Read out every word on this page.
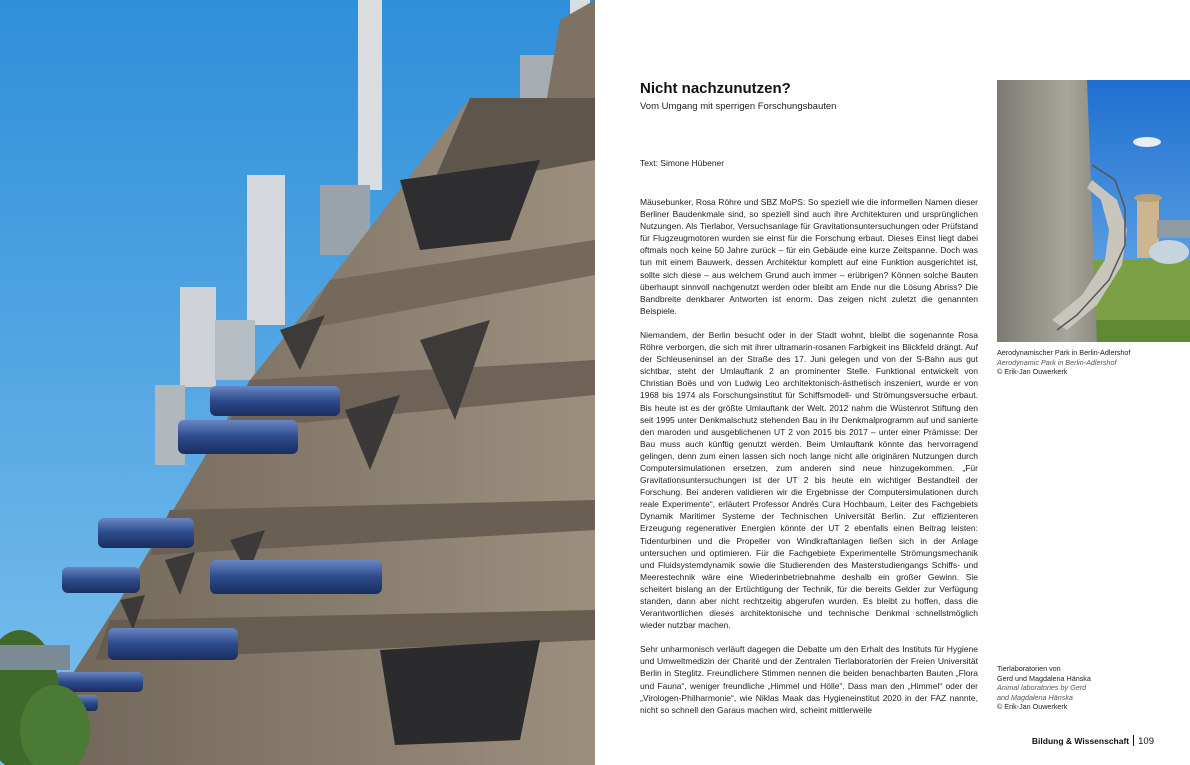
Nicht nachzunutzen?
Vom Umgang mit sperrigen Forschungsbauten
Text: Simone Hübener

Mäusebunker, Rosa Röhre und SBZ MoPS: So speziell wie die informellen Namen dieser Berliner Baudenkmale sind, so speziell sind auch ihre Architekturen und ursprünglichen Nutzungen. Als Tierlabor, Versuchsanlage für Gravitationsuntersuchungen oder Prüfstand für Flugzeugmotoren wurden sie einst für die Forschung erbaut. Dieses Einst liegt dabei oftmals noch keine 50 Jahre zurück – für ein Gebäude eine kurze Zeitspanne. Doch was tun mit einem Bauwerk, dessen Architektur komplett auf eine Funktion ausgerichtet ist, sollte sich diese – aus welchem Grund auch immer – erübrigen? Können solche Bauten überhaupt sinnvoll nachgenutzt werden oder bleibt am Ende nur die Lösung Abriss? Die Bandbreite denkbarer Antworten ist enorm. Das zeigen nicht zuletzt die genannten Beispiele.

Niemandem, der Berlin besucht oder in der Stadt wohnt, bleibt die sogenannte Rosa Röhre verborgen, die sich mit ihrer ultramarin-rosanen Farbigkeit ins Blickfeld drängt. Auf der Schleuseninsel an der Straße des 17. Juni gelegen und von der S-Bahn aus gut sichtbar, steht der Umlauftank 2 an prominenter Stelle. Funktional entwickelt von Christian Boës und von Ludwig Leo architektonisch-ästhetisch inszeniert, wurde er von 1968 bis 1974 als Forschungsinstitut für Schiffsmodell- und Strömungsversuche erbaut. Bis heute ist es der größte Umlauftank der Welt. 2012 nahm die Wüstenrot Stiftung den seit 1995 unter Denkmalschutz stehenden Bau in ihr Denkmalprogramm auf und sanierte den maroden und ausgeblichenen UT 2 von 2015 bis 2017 – unter einer Prämisse: Der Bau muss auch künftig genutzt werden. Beim Umlauftank könnte das hervorragend gelingen, denn zum einen lassen sich noch lange nicht alle originären Nutzungen durch Computersimulationen ersetzen, zum anderen sind neue hinzugekommen. „Für Gravitationsuntersuchungen ist der UT 2 bis heute ein wichtiger Bestandteil der Forschung. Bei anderen validieren wir die Ergebnisse der Computersimulationen durch reale Experimente“, erläutert Professor Andrés Cura Hochbaum, Leiter des Fachgebiets Dynamik Maritimer Systeme der Technischen Universität Berlin. Zur effizienteren Erzeugung regenerativer Energien könnte der UT 2 ebenfalls einen Beitrag leisten: Tidenturbinen und die Propeller von Windkraftanlagen ließen sich in der Anlage untersuchen und optimieren. Für die Fachgebiete Experimentelle Strömungsmechanik und Fluidsystemdynamik sowie die Studierenden des Masterstudiengangs Schiffs- und Meerestechnik wäre eine Wiederinbetriebnahme deshalb ein großer Gewinn. Sie scheitert bislang an der Ertüchtigung der Technik, für die bereits Gelder zur Verfügung standen, dann aber nicht rechtzeitig abgerufen wurden. Es bleibt zu hoffen, dass die Verantwortlichen dieses architektonische und technische Denkmal schnellstmöglich wieder nutzbar machen.

Sehr unharmonisch verläuft dagegen die Debatte um den Erhalt des Instituts für Hygiene und Umweltmedizin der Charité und der Zentralen Tierlaboratorien der Freien Universität Berlin in Steglitz. Freundlichere Stimmen nennen die beiden benachbarten Bauten „Flora und Fauna“, weniger freundliche „Himmel und Hölle“. Dass man den „Himmel“ oder der „Virologen-Philharmonie“, wie Niklas Maak das Hygieneinstitut 2020 in der FAZ nannte, nicht so schnell den Garaus machen wird, scheint mittlerweile

Aerodynamischer Park in Berlin-Adlershof

Aerodynamic Park in Berlin-Adlershof
© Erik-Jan Ouwerkerk
Tierlaboratorien von
Gerd und Magdalena Hänska

Animal laboratories by Gerd
and Magdalena Hänska
© Erik-Jan Ouwerkerk
Bildung & Wissenschaft 109
